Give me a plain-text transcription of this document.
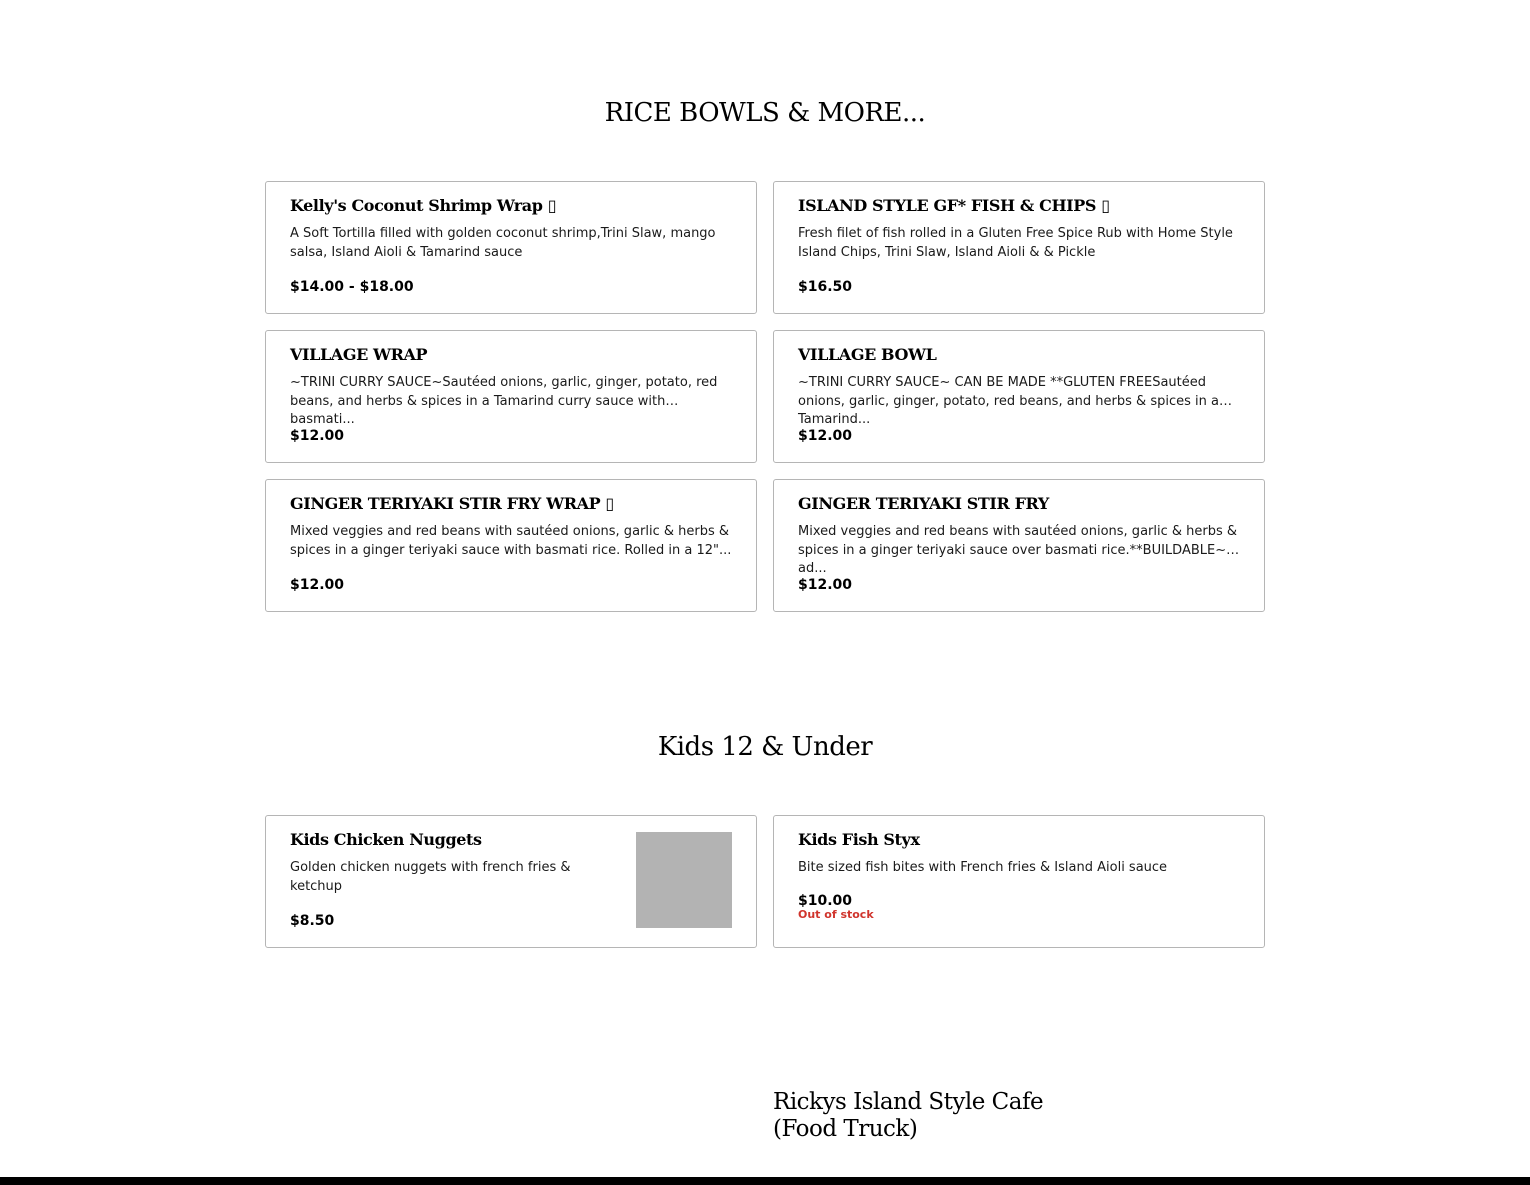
RICE BOWLS & MORE...
Kelly's Coconut Shrimp Wrap ▯

A Soft Tortilla filled with golden coconut shrimp,Trini Slaw, mango salsa, Island Aioli & Tamarind sauce

$14.00 - $18.00

ISLAND STYLE GF* FISH & CHIPS ▯

Fresh filet of fish rolled in a Gluten Free Spice Rub with Home Style Island Chips, Trini Slaw, Island Aioli & & Pickle

$16.50

VILLAGE WRAP

~TRINI CURRY SAUCE~Sautéed onions, garlic, ginger, potato, red beans, and herbs & spices in a Tamarind curry sauce with basmati...

$12.00

VILLAGE BOWL

~TRINI CURRY SAUCE~ CAN BE MADE **GLUTEN FREESautéed onions, garlic, ginger, potato, red beans, and herbs & spices in a Tamarind...

$12.00

GINGER TERIYAKI STIR FRY WRAP ▯

Mixed veggies and red beans with sautéed onions, garlic & herbs & spices in a ginger teriyaki sauce with basmati rice. Rolled in a 12"...

$12.00

GINGER TERIYAKI STIR FRY

Mixed veggies and red beans with sautéed onions, garlic & herbs & spices in a ginger teriyaki sauce over basmati rice.**BUILDABLE~ ad...

$12.00

Kids 12 & Under
Kids Chicken Nuggets

Golden chicken nuggets with french fries & ketchup

$8.50

Kids Fish Styx

Bite sized fish bites with French fries & Island Aioli sauce

$10.00

Out of stock
Rickys Island Style Cafe (Food Truck)
